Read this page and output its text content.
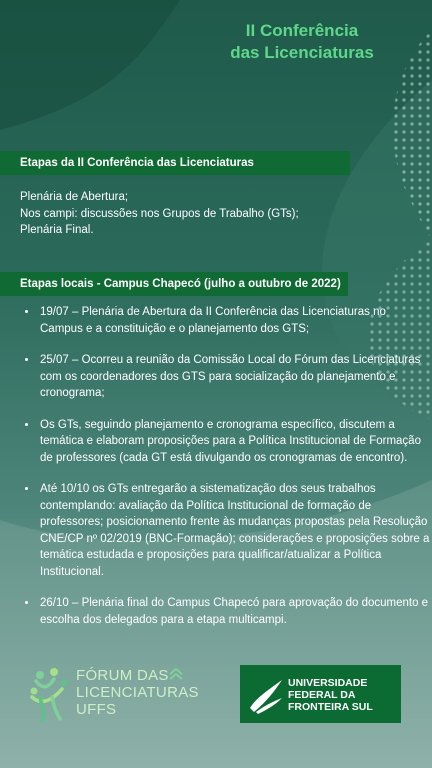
II Conferência
das Licenciaturas
Etapas da II Conferência das Licenciaturas
Plenária de Abertura;
Nos campi: discussões nos Grupos de Trabalho (GTs);
Plenária Final.
Etapas locais - Campus Chapecó (julho a outubro de 2022)
• 19/07 – Plenária de Abertura da II Conferência das Licenciaturas no Campus e a constituição e o planejamento dos GTS;
• 25/07 – Ocorreu a reunião da Comissão Local do Fórum das Licenciaturas com os coordenadores dos GTS para socialização do planejamento e cronograma;
• Os GTs, seguindo planejamento e cronograma específico, discutem a temática e elaboram proposições para a Política Institucional de Formação de professores (cada GT está divulgando os cronogramas de encontro).
• Até 10/10 os GTs entregarão a sistematização dos seus trabalhos contemplando: avaliação da Política Institucional de formação de professores; posicionamento frente às mudanças propostas pela Resolução CNE/CP nº 02/2019 (BNC-Formação); considerações e proposições sobre a temática estudada e proposições para qualificar/atualizar a Política Institucional.
• 26/10 – Plenária final do Campus Chapecó para aprovação do documento e escolha dos delegados para a etapa multicampi.
FÓRUM DAS
LICENCIATURAS
UFFS
UNIVERSIDADE
FEDERAL DA
FRONTEIRA SUL
